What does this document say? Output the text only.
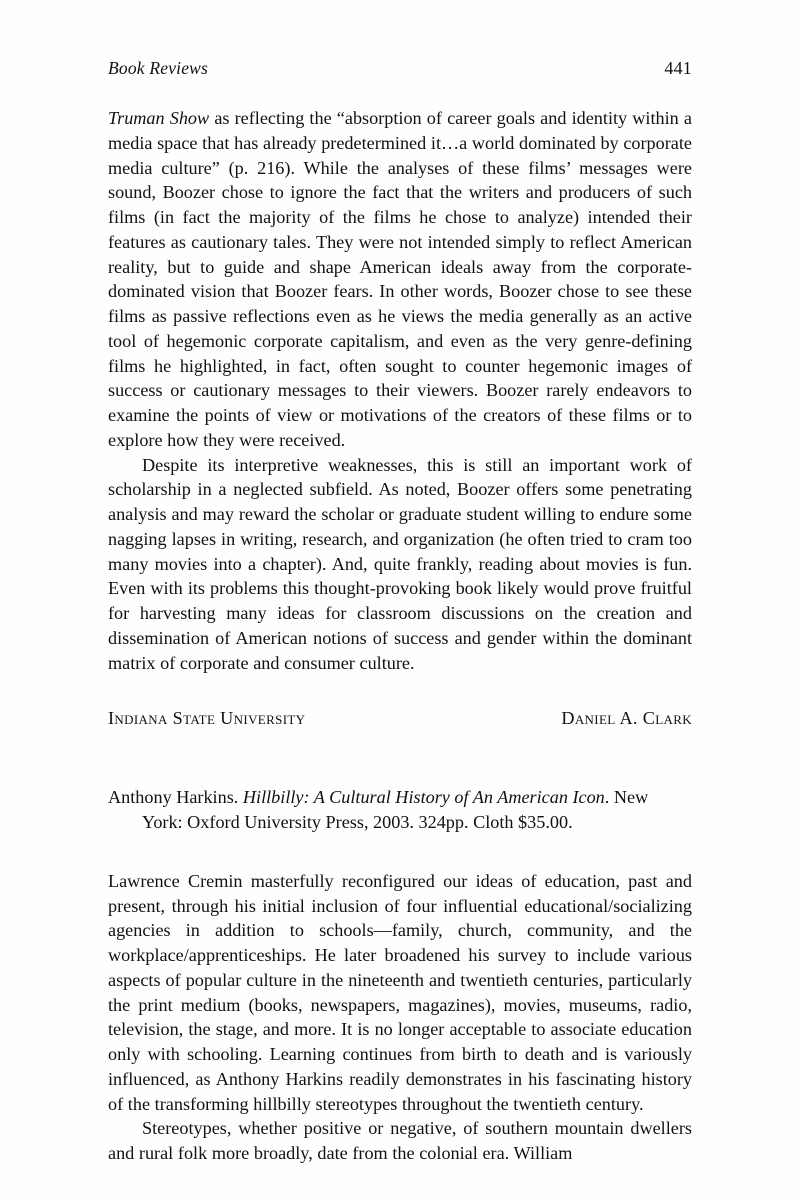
Book Reviews	441
Truman Show as reflecting the “absorption of career goals and identity within a media space that has already predetermined it…a world dominated by corporate media culture” (p. 216). While the analyses of these films’ messages were sound, Boozer chose to ignore the fact that the writers and producers of such films (in fact the majority of the films he chose to analyze) intended their features as cautionary tales. They were not intended simply to reflect American reality, but to guide and shape American ideals away from the corporate-dominated vision that Boozer fears. In other words, Boozer chose to see these films as passive reflections even as he views the media generally as an active tool of hegemonic corporate capitalism, and even as the very genre-defining films he highlighted, in fact, often sought to counter hegemonic images of success or cautionary messages to their viewers. Boozer rarely endeavors to examine the points of view or motivations of the creators of these films or to explore how they were received.
Despite its interpretive weaknesses, this is still an important work of scholarship in a neglected subfield. As noted, Boozer offers some penetrating analysis and may reward the scholar or graduate student willing to endure some nagging lapses in writing, research, and organization (he often tried to cram too many movies into a chapter). And, quite frankly, reading about movies is fun. Even with its problems this thought-provoking book likely would prove fruitful for harvesting many ideas for classroom discussions on the creation and dissemination of American notions of success and gender within the dominant matrix of corporate and consumer culture.
Indiana State University	Daniel A. Clark
Anthony Harkins. Hillbilly: A Cultural History of An American Icon. New York: Oxford University Press, 2003. 324pp. Cloth $35.00.
Lawrence Cremin masterfully reconfigured our ideas of education, past and present, through his initial inclusion of four influential educational/socializing agencies in addition to schools—family, church, community, and the workplace/apprenticeships. He later broadened his survey to include various aspects of popular culture in the nineteenth and twentieth centuries, particularly the print medium (books, newspapers, magazines), movies, museums, radio, television, the stage, and more. It is no longer acceptable to associate education only with schooling. Learning continues from birth to death and is variously influenced, as Anthony Harkins readily demonstrates in his fascinating history of the transforming hillbilly stereotypes throughout the twentieth century.
Stereotypes, whether positive or negative, of southern mountain dwellers and rural folk more broadly, date from the colonial era. William
